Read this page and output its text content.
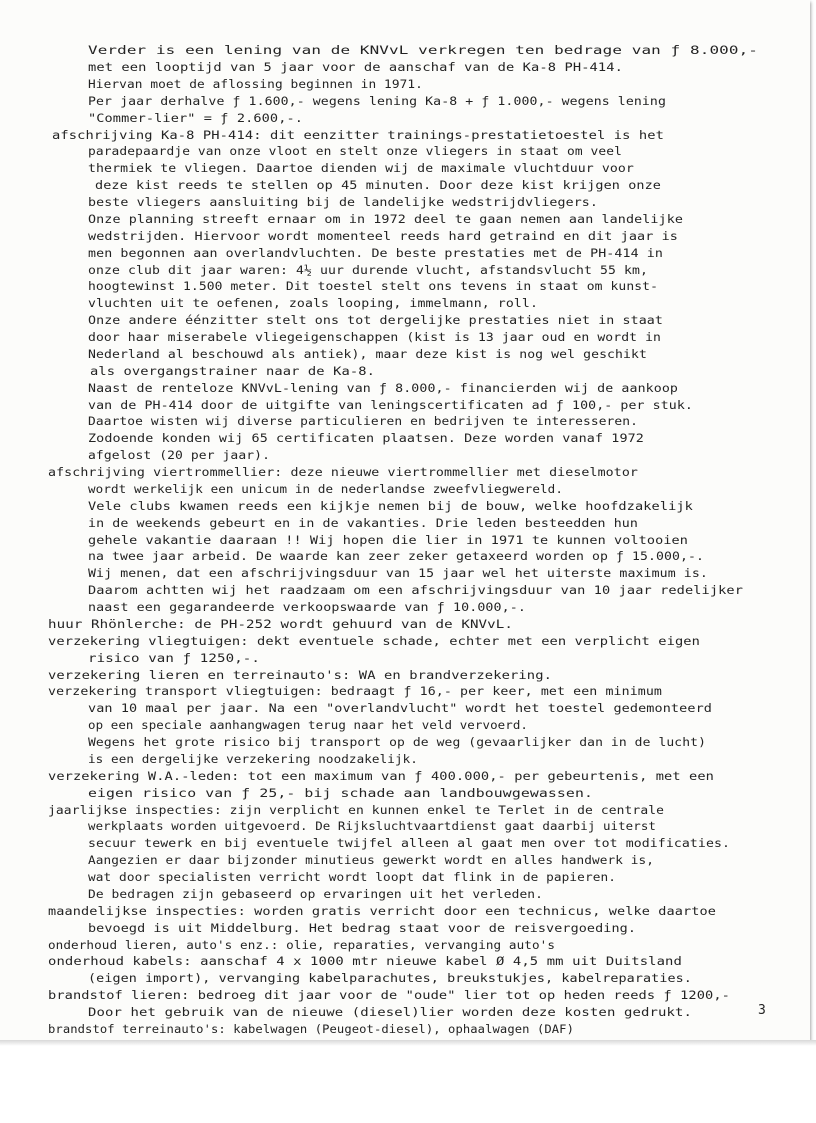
Verder is een lening van de KNVvL verkregen ten bedrage van ƒ 8.000,-
met een looptijd van 5 jaar voor de aanschaf van de Ka-8 PH-414.
Hiervan moet de aflossing beginnen in 1971.
Per jaar derhalve ƒ 1.600,- wegens lening Ka-8 + ƒ 1.000,- wegens lening
"Commer-lier" = ƒ 2.600,-.
afschrijving Ka-8 PH-414: dit eenzitter trainings-prestatietoestel is het
paradepaardje van onze vloot en stelt onze vliegers in staat om veel
thermiek te vliegen. Daartoe dienden wij de maximale vluchtduur voor
deze kist reeds te stellen op 45 minuten. Door deze kist krijgen onze
beste vliegers aansluiting bij de landelijke wedstrijdvliegers.
Onze planning streeft ernaar om in 1972 deel te gaan nemen aan landelijke
wedstrijden. Hiervoor wordt momenteel reeds hard getraind en dit jaar is
men begonnen aan overlandvluchten. De beste prestaties met de PH-414 in
onze club dit jaar waren: 4½ uur durende vlucht, afstandsvlucht 55 km,
hoogtewinst 1.500 meter. Dit toestel stelt ons tevens in staat om kunst-
vluchten uit te oefenen, zoals looping, immelmann, roll.
Onze andere éénzitter stelt ons tot dergelijke prestaties niet in staat
door haar miserabele vliegeigenschappen (kist is 13 jaar oud en wordt in
Nederland al beschouwd als antiek), maar deze kist is nog wel geschikt
als overgangstrainer naar de Ka-8.
Naast de renteloze KNVvL-lening van ƒ 8.000,- financierden wij de aankoop
van de PH-414 door de uitgifte van leningscertificaten ad ƒ 100,- per stuk.
Daartoe wisten wij diverse particulieren en bedrijven te interesseren.
Zodoende konden wij 65 certificaten plaatsen. Deze worden vanaf 1972
afgelost (20 per jaar).
afschrijving viertrommellier: deze nieuwe viertrommellier met dieselmotor
wordt werkelijk een unicum in de nederlandse zweefvliegwereld.
Vele clubs kwamen reeds een kijkje nemen bij de bouw, welke hoofdzakelijk
in de weekends gebeurt en in de vakanties. Drie leden besteedden hun
gehele vakantie daaraan !! Wij hopen die lier in 1971 te kunnen voltooien
na twee jaar arbeid. De waarde kan zeer zeker getaxeerd worden op ƒ 15.000,-.
Wij menen, dat een afschrijvingsduur van 15 jaar wel het uiterste maximum is.
Daarom achtten wij het raadzaam om een afschrijvingsduur van 10 jaar redelijker
naast een gegarandeerde verkoopswaarde van ƒ 10.000,-.
huur Rhönlerche: de PH-252 wordt gehuurd van de KNVvL.
verzekering vliegtuigen: dekt eventuele schade, echter met een verplicht eigen
risico van ƒ 1250,-.
verzekering lieren en terreinauto's: WA en brandverzekering.
verzekering transport vliegtuigen: bedraagt ƒ 16,- per keer, met een minimum
van 10 maal per jaar. Na een "overlandvlucht" wordt het toestel gedemonteerd
op een speciale aanhangwagen terug naar het veld vervoerd.
Wegens het grote risico bij transport op de weg (gevaarlijker dan in de lucht)
is een dergelijke verzekering noodzakelijk.
verzekering W.A.-leden: tot een maximum van ƒ 400.000,- per gebeurtenis, met een
eigen risico van ƒ 25,- bij schade aan landbouwgewassen.
jaarlijkse inspecties: zijn verplicht en kunnen enkel te Terlet in de centrale
werkplaats worden uitgevoerd. De Rijksluchtvaartdienst gaat daarbij uiterst
secuur tewerk en bij eventuele twijfel alleen al gaat men over tot modificaties.
Aangezien er daar bijzonder minutieus gewerkt wordt en alles handwerk is,
wat door specialisten verricht wordt loopt dat flink in de papieren.
De bedragen zijn gebaseerd op ervaringen uit het verleden.
maandelijkse inspecties: worden gratis verricht door een technicus, welke daartoe
bevoegd is uit Middelburg. Het bedrag staat voor de reisvergoeding.
onderhoud lieren, auto's enz.: olie, reparaties, vervanging auto's
onderhoud kabels: aanschaf 4 x 1000 mtr nieuwe kabel Ø 4,5 mm uit Duitsland
(eigen import), vervanging kabelparachutes, breukstukjes, kabelreparaties.
brandstof lieren: bedroeg dit jaar voor de "oude" lier tot op heden reeds ƒ 1200,-
Door het gebruik van de nieuwe (diesel)lier worden deze kosten gedrukt.
brandstof terreinauto's: kabelwagen (Peugeot-diesel), ophaalwagen (DAF)
3
